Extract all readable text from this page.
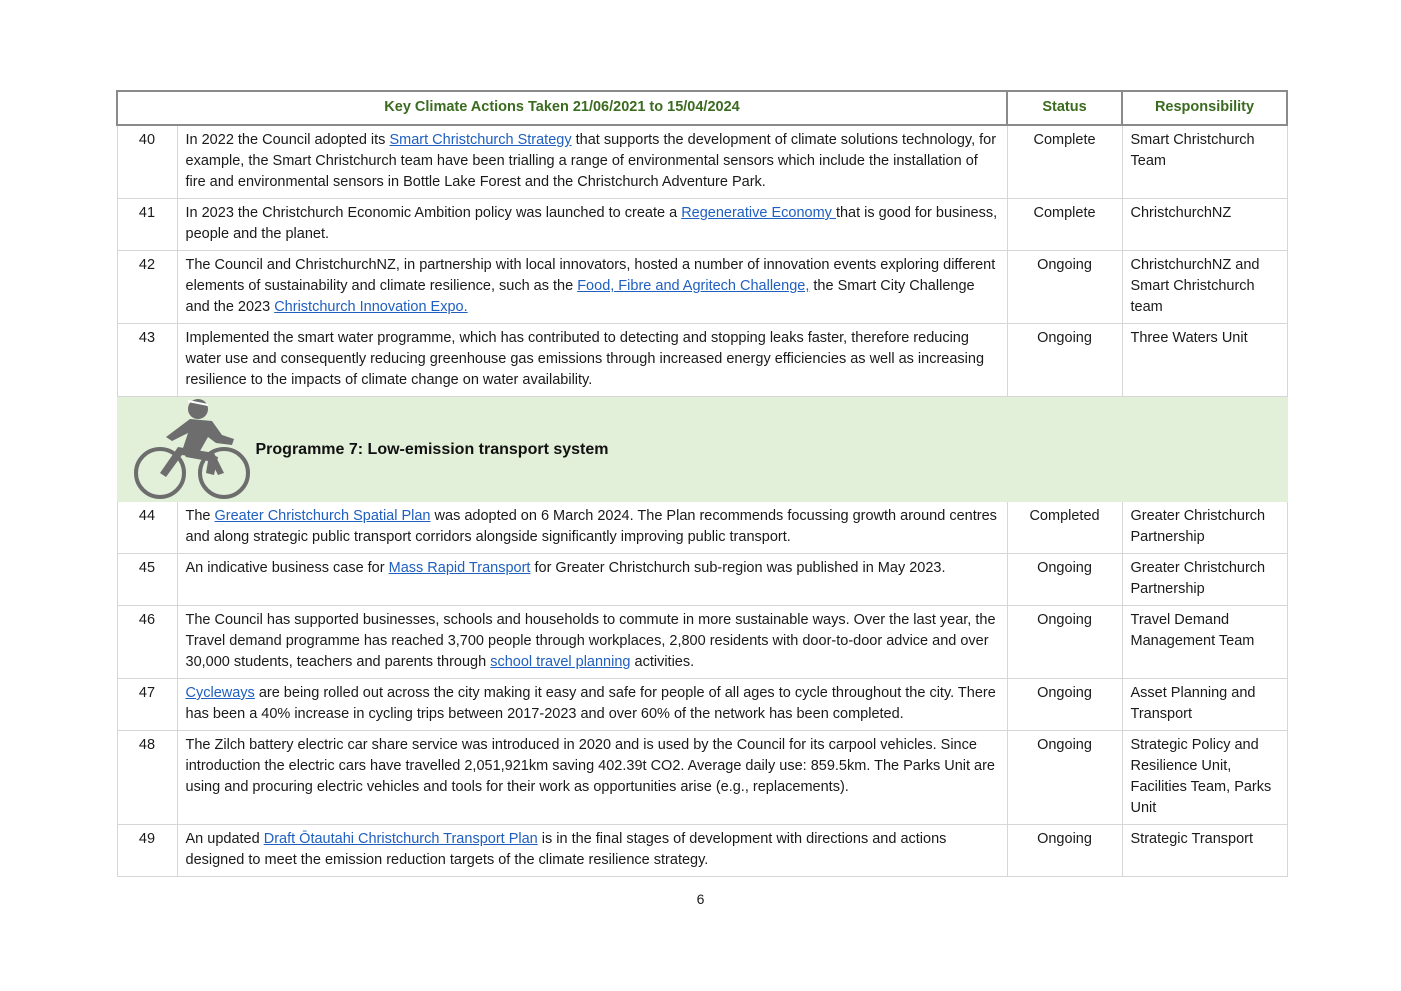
Key Climate Actions Taken 21/06/2021 to 15/04/2024		Status	Responsibility
40	In 2022 the Council adopted its Smart Christchurch Strategy that supports the development of climate solutions technology, for example, the Smart Christchurch team have been trialling a range of environmental sensors which include the installation of fire and environmental sensors in Bottle Lake Forest and the Christchurch Adventure Park.	Complete	Smart Christchurch Team
41	In 2023 the Christchurch Economic Ambition policy was launched to create a Regenerative Economy that is good for business, people and the planet.	Complete	ChristchurchNZ
42	The Council and ChristchurchNZ, in partnership with local innovators, hosted a number of innovation events exploring different elements of sustainability and climate resilience, such as the Food, Fibre and Agritech Challenge, the Smart City Challenge and the 2023 Christchurch Innovation Expo.	Ongoing	ChristchurchNZ and Smart Christchurch team
43	Implemented the smart water programme, which has contributed to detecting and stopping leaks faster, therefore reducing water use and consequently reducing greenhouse gas emissions through increased energy efficiencies as well as increasing resilience to the impacts of climate change on water availability.	Ongoing	Three Waters Unit

Programme 7: Low-emission transport system			

44	The Greater Christchurch Spatial Plan was adopted on 6 March 2024. The Plan recommends focussing growth around centres and along strategic public transport corridors alongside significantly improving public transport.	Completed	Greater Christchurch Partnership
45	An indicative business case for Mass Rapid Transport for Greater Christchurch sub-region was published in May 2023.	Ongoing	Greater Christchurch Partnership
46	The Council has supported businesses, schools and households to commute in more sustainable ways. Over the last year, the Travel demand programme has reached 3,700 people through workplaces, 2,800 residents with door-to-door advice and over 30,000 students, teachers and parents through school travel planning activities.	Ongoing	Travel Demand Management Team
47	Cycleways are being rolled out across the city making it easy and safe for people of all ages to cycle throughout the city. There has been a 40% increase in cycling trips between 2017-2023 and over 60% of the network has been completed.	Ongoing	Asset Planning and Transport
48	The Zilch battery electric car share service was introduced in 2020 and is used by the Council for its carpool vehicles. Since introduction the electric cars have travelled 2,051,921km saving 402.39t CO2. Average daily use: 859.5km. The Parks Unit are using and procuring electric vehicles and tools for their work as opportunities arise (e.g., replacements).	Ongoing	Strategic Policy and Resilience Unit, Facilities Team, Parks Unit
49	An updated Draft Ōtautahi Christchurch Transport Plan is in the final stages of development with directions and actions designed to meet the emission reduction targets of the climate resilience strategy.	Ongoing	Strategic Transport
6
